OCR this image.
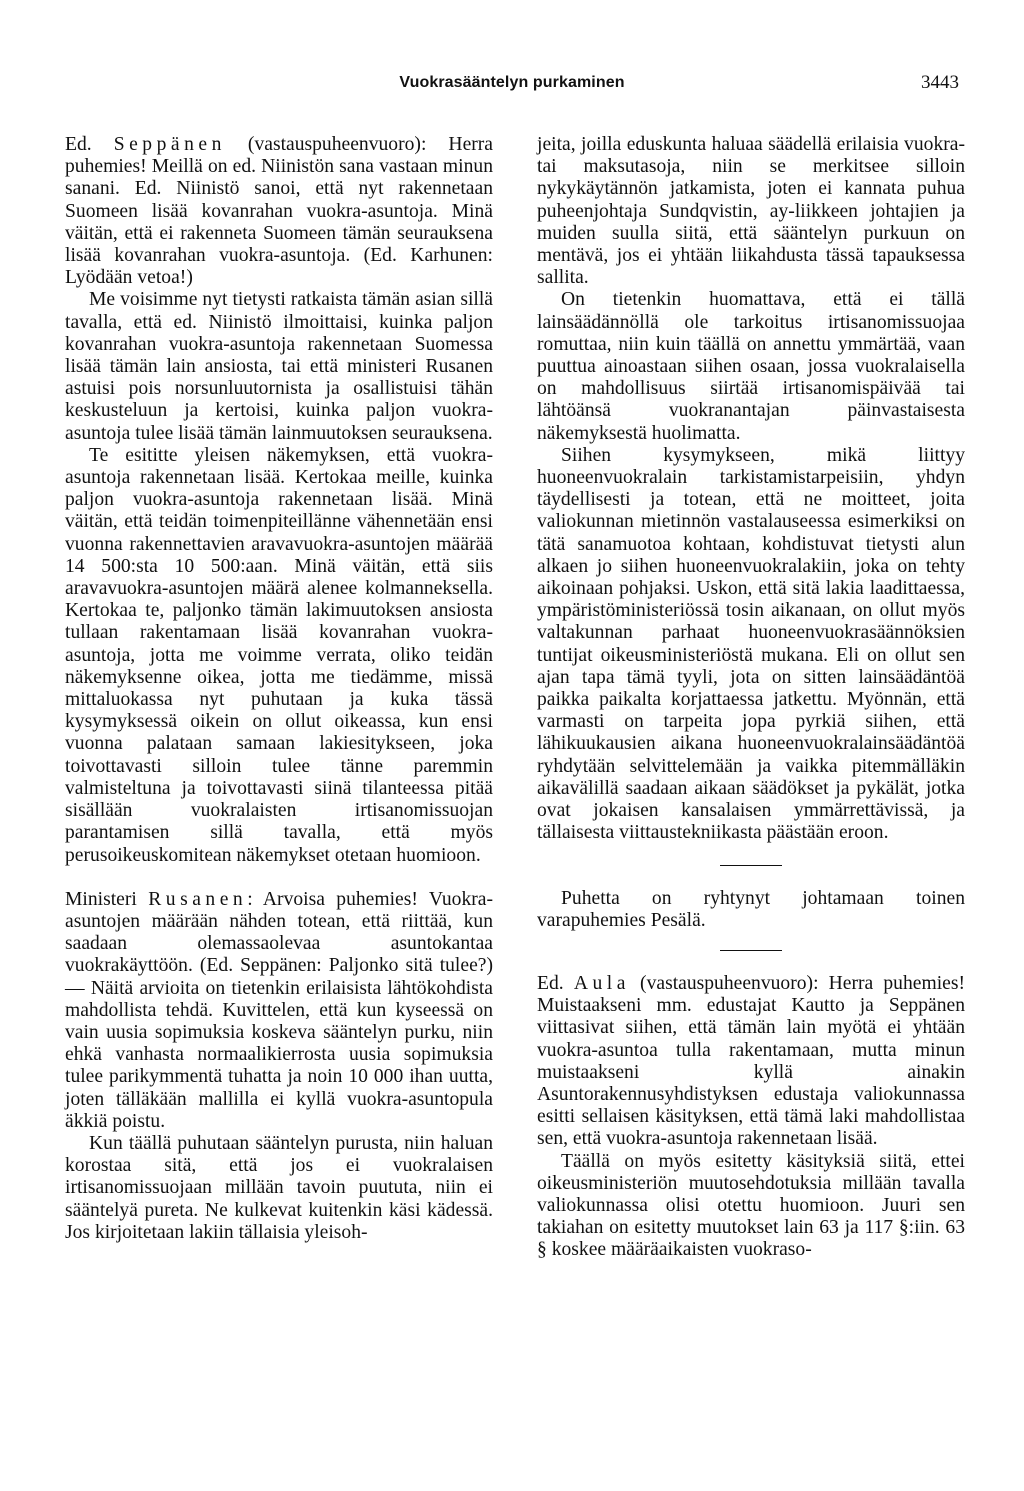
Vuokrasääntelyn purkaminen	3443

Ed. Seppänen (vastauspuheenvuoro): Herra puhemies! Meillä on ed. Niinistön sana vastaan minun sanani. Ed. Niinistö sanoi, että nyt rakennetaan Suomeen lisää kovanrahan vuokra-asuntoja. Minä väitän, että ei rakenneta Suomeen tämän seurauksena lisää kovanrahan vuokra-asuntoja. (Ed. Karhunen: Lyödään vetoa!)

Me voisimme nyt tietysti ratkaista tämän asian sillä tavalla, että ed. Niinistö ilmoittaisi, kuinka paljon kovanrahan vuokra-asuntoja rakennetaan Suomessa lisää tämän lain ansiosta, tai että ministeri Rusanen astuisi pois norsunluutornista ja osallistuisi tähän keskusteluun ja kertoisi, kuinka paljon vuokra-asuntoja tulee lisää tämän lainmuutoksen seurauksena.

Te esititte yleisen näkemyksen, että vuokra-asuntoja rakennetaan lisää. Kertokaa meille, kuinka paljon vuokra-asuntoja rakennetaan lisää. Minä väitän, että teidän toimenpiteillänne vähennetään ensi vuonna rakennettavien aravavuokra-asuntojen määrää 14 500:sta 10 500:aan. Minä väitän, että siis aravavuokra-asuntojen määrä alenee kolmanneksella. Kertokaa te, paljonko tämän lakimuutoksen ansiosta tullaan rakentamaan lisää kovanrahan vuokra-asuntoja, jotta me voimme verrata, oliko teidän näkemyksenne oikea, jotta me tiedämme, missä mittaluokassa nyt puhutaan ja kuka tässä kysymyksessä oikein on ollut oikeassa, kun ensi vuonna palataan samaan lakiesitykseen, joka toivottavasti silloin tulee tänne paremmin valmisteltuna ja toivottavasti siinä tilanteessa pitää sisällään vuokralaisten irtisanomissuojan parantamisen sillä tavalla, että myös perusoikeuskomitean näkemykset otetaan huomioon.

Ministeri Rusanen: Arvoisa puhemies! Vuokra-asuntojen määrään nähden totean, että riittää, kun saadaan olemassaolevaa asuntokantaa vuokrakäyttöön. (Ed. Seppänen: Paljonko sitä tulee?) — Näitä arvioita on tietenkin erilaisista lähtökohdista mahdollista tehdä. Kuvittelen, että kun kyseessä on vain uusia sopimuksia koskeva sääntelyn purku, niin ehkä vanhasta normaalikierrosta uusia sopimuksia tulee parikymmentä tuhatta ja noin 10 000 ihan uutta, joten tälläkään mallilla ei kyllä vuokra-asuntopula äkkiä poistu.

Kun täällä puhutaan sääntelyn purusta, niin haluan korostaa sitä, että jos ei vuokralaisen irtisanomissuojaan millään tavoin puututa, niin ei sääntelyä pureta. Ne kulkevat kuitenkin käsi kädessä. Jos kirjoitetaan lakiin tällaisia yleisoh-

jeita, joilla eduskunta haluaa säädellä erilaisia vuokra- tai maksutasoja, niin se merkitsee silloin nykykäytännön jatkamista, joten ei kannata puhua puheenjohtaja Sundqvistin, ay-liikkeen johtajien ja muiden suulla siitä, että sääntelyn purkuun on mentävä, jos ei yhtään liikahdusta tässä tapauksessa sallita.

On tietenkin huomattava, että ei tällä lainsäädännöllä ole tarkoitus irtisanomissuojaa romuttaa, niin kuin täällä on annettu ymmärtää, vaan puuttua ainoastaan siihen osaan, jossa vuokralaisella on mahdollisuus siirtää irtisanomispäivää tai lähtöänsä vuokranantajan päinvastaisesta näkemyksestä huolimatta.

Siihen kysymykseen, mikä liittyy huoneenvuokralain tarkistamistarpeisiin, yhdyn täydellisesti ja totean, että ne moitteet, joita valiokunnan mietinnön vastalauseessa esimerkiksi on tätä sanamuotoa kohtaan, kohdistuvat tietysti alun alkaen jo siihen huoneenvuokralakiin, joka on tehty aikoinaan pohjaksi. Uskon, että sitä lakia laadittaessa, ympäristöministeriössä tosin aikanaan, on ollut myös valtakunnan parhaat huoneenvuokrasäännöksien tuntijat oikeusministeriöstä mukana. Eli on ollut sen ajan tapa tämä tyyli, jota on sitten lainsäädäntöä paikka paikalta korjattaessa jatkettu. Myönnän, että varmasti on tarpeita jopa pyrkiä siihen, että lähikuukausien aikana huoneenvuokralainsäädäntöä ryhdytään selvittelemään ja vaikka pitemmälläkin aikavälillä saadaan aikaan säädökset ja pykälät, jotka ovat jokaisen kansalaisen ymmärrettävissä, ja tällaisesta viittaustekniikasta päästään eroon.

Puhetta on ryhtynyt johtamaan toinen varapuhemies Pesälä.

Ed. Aula (vastauspuheenvuoro): Herra puhemies! Muistaakseni mm. edustajat Kautto ja Seppänen viittasivat siihen, että tämän lain myötä ei yhtään vuokra-asuntoa tulla rakentamaan, mutta minun muistaakseni kyllä ainakin Asuntorakennusyhdistyksen edustaja valiokunnassa esitti sellaisen käsityksen, että tämä laki mahdollistaa sen, että vuokra-asuntoja rakennetaan lisää.

Täällä on myös esitetty käsityksiä siitä, ettei oikeusministeriön muutosehdotuksia millään tavalla valiokunnassa olisi otettu huomioon. Juuri sen takiahan on esitetty muutokset lain 63 ja 117 §:iin. 63 § koskee määräaikaisten vuokraso-
